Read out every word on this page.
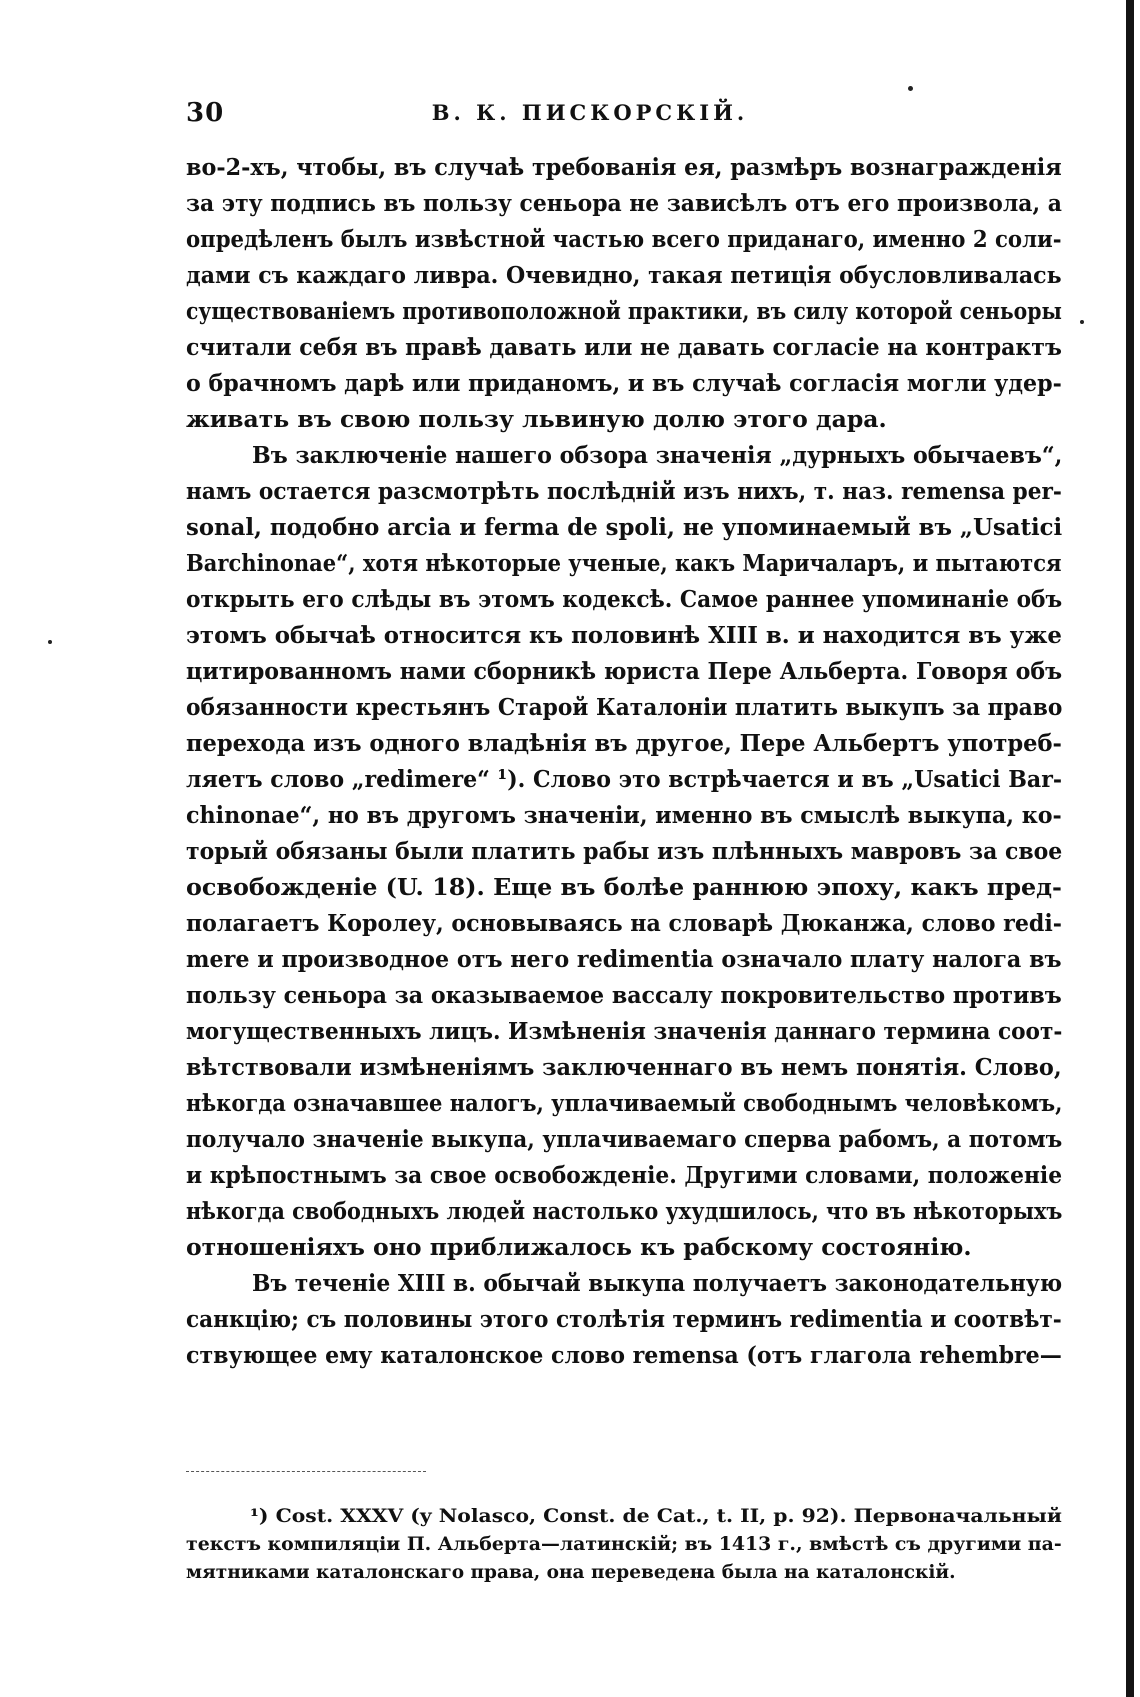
30	В. К. ПИСКОРСКІЙ.
во-2-хъ, чтобы, въ случаѣ требованія ея, размѣръ вознагражденія
за эту подпись въ пользу сеньора не зависѣлъ отъ его произвола, а
опредѣленъ былъ извѣстной частью всего приданаго, именно 2 соли-
дами съ каждаго ливра. Очевидно, такая петиція обусловливалась
существованіемъ противоположной практики, въ силу которой сеньоры
считали себя въ правѣ давать или не давать согласіе на контрактъ
о брачномъ дарѣ или приданомъ, и въ случаѣ согласія могли удер-
живать въ свою пользу львиную долю этого дара.
Въ заключеніе нашего обзора значенія „дурныхъ обычаевъ“,
намъ остается разсмотрѣть послѣдній изъ нихъ, т. наз. remensa per-
sonal, подобно arcia и ferma de spoli, не упоминаемый въ „Usatici
Barchinonae“, хотя нѣкоторые ученые, какъ Маричаларъ, и пытаются
открыть его слѣды въ этомъ кодексѣ. Самое раннее упоминаніе объ
этомъ обычаѣ относится къ половинѣ XIII в. и находится въ уже
цитированномъ нами сборникѣ юриста Пере Альберта. Говоря объ
обязанности крестьянъ Старой Каталоніи платить выкупъ за право
перехода изъ одного владѣнія въ другое, Пере Альбертъ употреб-
ляетъ слово „redimere“ ¹). Слово это встрѣчается и въ „Usatici Bar-
chinonae“, но въ другомъ значеніи, именно въ смыслѣ выкупа, ко-
торый обязаны были платить рабы изъ плѣнныхъ мавровъ за свое
освобожденіе (U. 18). Еще въ болѣе раннюю эпоху, какъ пред-
полагаетъ Королеу, основываясь на словарѣ Дюканжа, слово redi-
mere и производное отъ него redimentia означало плату налога въ
пользу сеньора за оказываемое вассалу покровительство противъ
могущественныхъ лицъ. Измѣненія значенія даннаго термина соот-
вѣтствовали измѣненіямъ заключеннаго въ немъ понятія. Слово,
нѣкогда означавшее налогъ, уплачиваемый свободнымъ человѣкомъ,
получало значеніе выкупа, уплачиваемаго сперва рабомъ, а потомъ
и крѣпостнымъ за свое освобожденіе. Другими словами, положеніе
нѣкогда свободныхъ людей настолько ухудшилось, что въ нѣкоторыхъ
отношеніяхъ оно приближалось къ рабскому состоянію.
Въ теченіе XIII в. обычай выкупа получаетъ законодательную
санкцію; съ половины этого столѣтія терминъ redimentia и соотвѣт-
ствующее ему каталонское слово remensa (отъ глагола rehembre—
¹) Cost. XXXV (y Nolasco, Const. de Cat., t. II, p. 92). Первоначальный
текстъ компиляціи П. Альберта—латинскій; въ 1413 г., вмѣстѣ съ другими па-
мятниками каталонскаго права, она переведена была на каталонскій.
